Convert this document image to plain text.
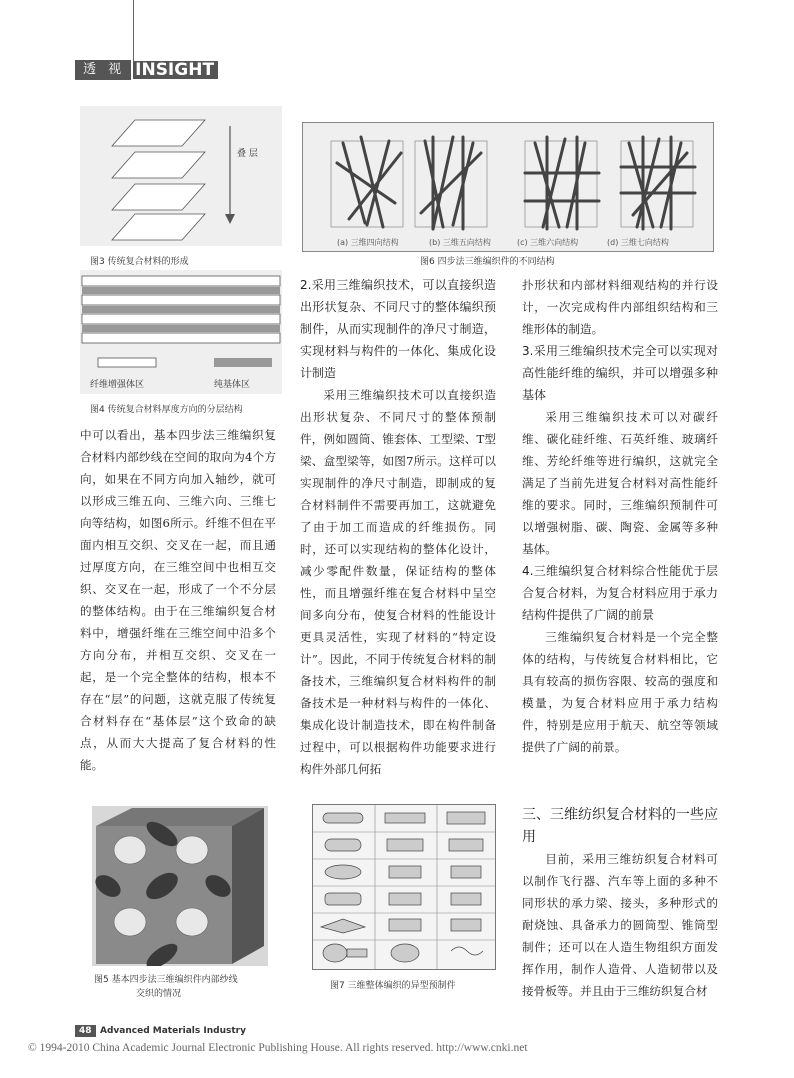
透 视 INSIGHT
叠 层
图3 传统复合材料的形成
纤维增强体区	纯基体区
图4 传统复合材料厚度方向的分层结构
(a) 三维四向结构	(b) 三维五向结构	(c) 三维六向结构	(d) 三维七向结构
图6 四步法三维编织件的不同结构

中可以看出，基本四步法三维编织复合材料内部纱线在空间的取向为4个方向，如果在不同方向加入轴纱，就可以形成三维五向、三维六向、三维七向等结构，如图6所示。纤维不但在平面内相互交织、交叉在一起，而且通过厚度方向，在三维空间中也相互交织、交叉在一起，形成了一个不分层的整体结构。由于在三维编织复合材料中，增强纤维在三维空间中沿多个方向分布，并相互交织、交叉在一起，是一个完全整体的结构，根本不存在“层”的问题，这就克服了传统复合材料存在“基体层”这个致命的缺点，从而大大提高了复合材料的性能。

2.采用三维编织技术，可以直接织造出形状复杂、不同尺寸的整体编织预制件，从而实现制件的净尺寸制造，实现材料与构件的一体化、集成化设计制造

采用三维编织技术可以直接织造出形状复杂、不同尺寸的整体预制件，例如圆筒、锥套体、工型梁、T型梁、盒型梁等，如图7所示。这样可以实现制件的净尺寸制造，即制成的复合材料制件不需要再加工，这就避免了由于加工而造成的纤维损伤。同时，还可以实现结构的整体化设计，减少零配件数量，保证结构的整体性，而且增强纤维在复合材料中呈空间多向分布，使复合材料的性能设计更具灵活性，实现了材料的“特定设计”。因此，不同于传统复合材料的制备技术，三维编织复合材料构件的制备技术是一种材料与构件的一体化、集成化设计制造技术，即在构件制备过程中，可以根据构件功能要求进行构件外部几何拓

扑形状和内部材料细观结构的并行设计，一次完成构件内部组织结构和三维形体的制造。

3.采用三维编织技术完全可以实现对高性能纤维的编织，并可以增强多种基体

采用三维编织技术可以对碳纤维、碳化硅纤维、石英纤维、玻璃纤维、芳纶纤维等进行编织，这就完全满足了当前先进复合材料对高性能纤维的要求。同时，三维编织预制件可以增强树脂、碳、陶瓷、金属等多种基体。

4.三维编织复合材料综合性能优于层合复合材料，为复合材料应用于承力结构件提供了广阔的前景

三维编织复合材料是一个完全整体的结构，与传统复合材料相比，它具有较高的损伤容限、较高的强度和模量，为复合材料应用于承力结构件，特别是应用于航天、航空等领域提供了广阔的前景。

三、三维纺织复合材料的一些应用

目前，采用三维纺织复合材料可以制作飞行器、汽车等上面的多种不同形状的承力梁、接头，多种形式的耐烧蚀、具备承力的圆筒型、锥筒型制件；还可以在人造生物组织方面发挥作用，制作人造骨、人造韧带以及接骨板等。并且由于三维纺织复合材

图5 基本四步法三维编织件内部纱线
交织的情况
图7 三维整体编织的异型预制件
48 Advanced Materials Industry
© 1994-2010 China Academic Journal Electronic Publishing House. All rights reserved. http://www.cnki.net
